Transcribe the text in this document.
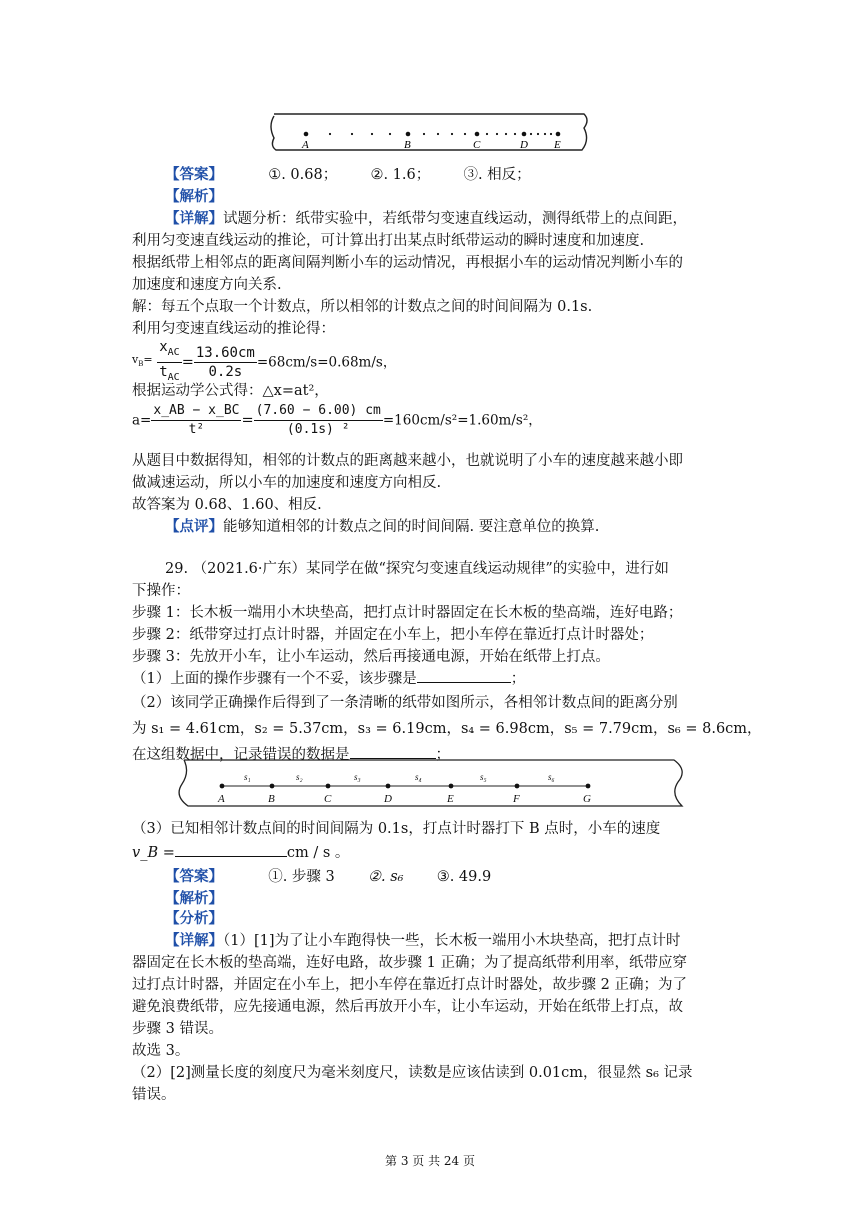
A	B	C	D E
【答案】	①. 0.68； ②. 1.6； ③. 相反；
【解析】
【详解】试题分析：纸带实验中，若纸带匀变速直线运动，测得纸带上的点间距，
利用匀变速直线运动的推论，可计算出打出某点时纸带运动的瞬时速度和加速度.
根据纸带上相邻点的距离间隔判断小车的运动情况，再根据小车的运动情况判断小车的
加速度和速度方向关系.
解：每五个点取一个计数点，所以相邻的计数点之间的时间间隔为 0.1s.
利用匀变速直线运动的推论得：
$v_B= \frac{x_{AC}}{t_{AC}} = \frac{13.60cm}{0.2s} =68cm/s=0.68m/s$，
根据运动学公式得：△x=at²，
$a= \frac{x\_AB - x\_BC}{\text{t²}} = \frac{(7.60 - 6.00) cm}{\text{(0.1s) ²}} =160cm/s^2=1.60m/s^2$，
从题目中数据得知，相邻的计数点的距离越来越小，也就说明了小车的速度越来越小即
做减速运动，所以小车的加速度和速度方向相反.
故答案为 0.68、1.60、相反.
【点评】能够知道相邻的计数点之间的时间间隔. 要注意单位的换算.
29. （2021.6·广东）某同学在做“探究匀变速直线运动规律”的实验中，进行如
下操作：
步骤 1：长木板一端用小木块垫高，把打点计时器固定在长木板的垫高端，连好电路；
步骤 2：纸带穿过打点计时器，并固定在小车上，把小车停在靠近打点计时器处；
步骤 3：先放开小车，让小车运动，然后再接通电源，开始在纸带上打点。
（1）上面的操作步骤有一个不妥，该步骤是	；
（2）该同学正确操作后得到了一条清晰的纸带如图所示，各相邻计数点间的距离分别
为 s₁ = 4.61cm，s₂ = 5.37cm，s₃ = 6.19cm，s₄ = 6.98cm，s₅ = 7.79cm，s₆ = 8.6cm，
在这组数据中，记录错误的数据是	；
A	B	C	D	E	F	G
s₁	s₂	s₃	s₄	s₅	s₆
（3）已知相邻计数点间的时间间隔为 0.1s，打点计时器打下 B 点时，小车的速度
v_B =	cm / s 。
【答案】	①. 步骤 3 ②. s₆ ③. 49.9
【解析】
【分析】
【详解】（1）[1]为了让小车跑得快一些，长木板一端用小木块垫高，把打点计时
器固定在长木板的垫高端，连好电路，故步骤 1 正确；为了提高纸带利用率，纸带应穿
过打点计时器，并固定在小车上，把小车停在靠近打点计时器处，故步骤 2 正确；为了
避免浪费纸带，应先接通电源，然后再放开小车，让小车运动，开始在纸带上打点，故
步骤 3 错误。
故选 3。
（2）[2]测量长度的刻度尺为毫米刻度尺，读数是应该估读到 0.01cm，很显然 s₆ 记录
错误。
第 3 页 共 24 页
